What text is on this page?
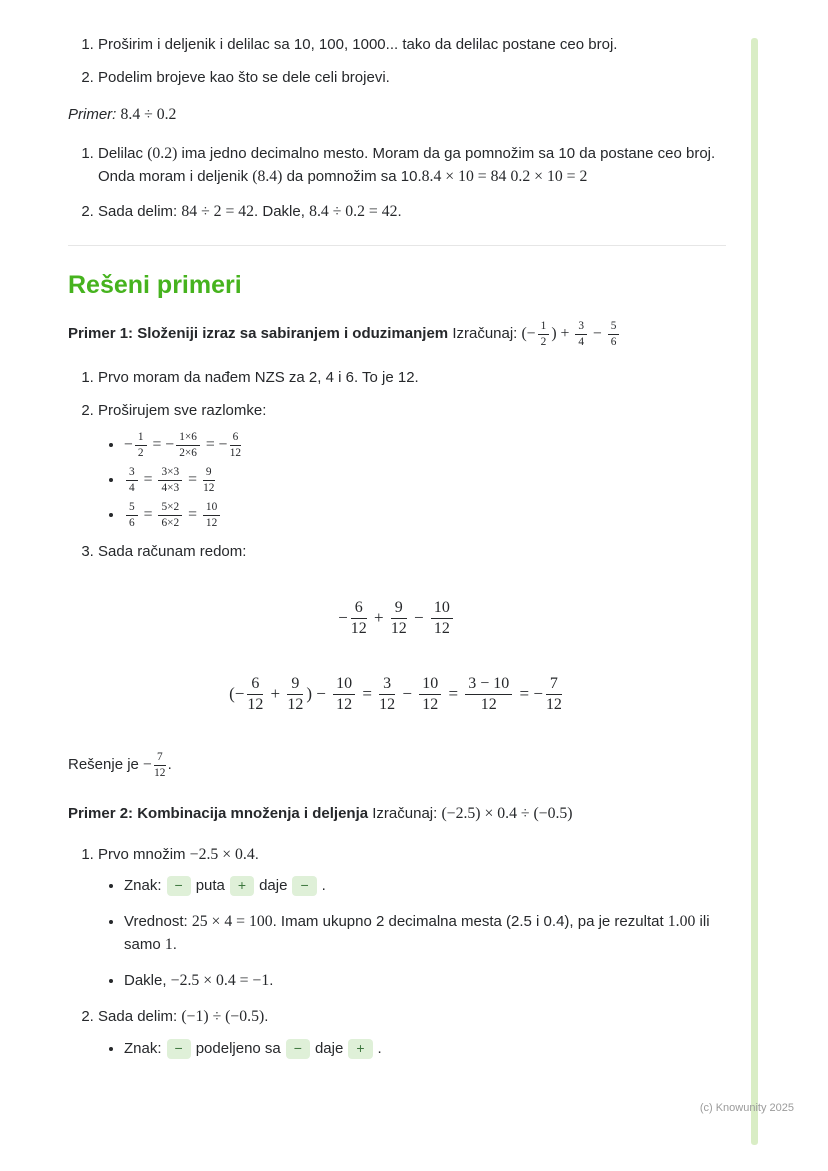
1. Proširim i deljenik i delilac sa 10, 100, 1000... tako da delilac postane ceo broj.
2. Podelim brojeve kao što se dele celi brojevi.

Primer: 8.4 ÷ 0.2

1. Delilac (0.2) ima jedno decimalno mesto. Moram da ga pomnožim sa 10 da postane ceo broj. Onda moram i deljenik (8.4) da pomnožim sa 10.8.4 × 10 = 84 0.2 × 10 = 2
2. Sada delim: 84 ÷ 2 = 42. Dakle, 8.4 ÷ 0.2 = 42.
Rešeni primeri

Primer 1: Složeniji izraz sa sabiranjem i oduzimanjem Izračunaj: (− $\frac{1}{2}$ ) + $\frac{3}{4} - \frac{5}{6}$

1. Prvo moram da nađem NZS za 2, 4 i 6. To je 12.
2. Proširujem sve razlomke:
• − $\frac{1}{2}$ = − $\frac{1\times 6}{2\times 6}$ = − $\frac{6}{12}$
• $\frac{3}{4} = \frac{3\times 3}{4\times 3} = \frac{9}{12}$
• $\frac{5}{6} = \frac{5\times 2}{6\times 2} = \frac{10}{12}$
3. Sada računam redom:
− $\frac{6}{12} + \frac{9}{12} - \frac{10}{12}$
(− $\frac{6}{12} + \frac{9}{12}$ ) − $\frac{10}{12} = \frac{3}{12} - \frac{10}{12} = \frac{3 - 10}{12}$ = − $\frac{7}{12}$

Rešenje je − $\frac{7}{12}$ .

Primer 2: Kombinacija množenja i deljenja Izračunaj: (−2.5) × 0.4 ÷ (−0.5)

1. Prvo množim −2.5 × 0.4.
• Znak: − puta + daje − .
• Vrednost: 25 × 4 = 100. Imam ukupno 2 decimalna mesta (2.5 i 0.4), pa je rezultat 1.00 ili samo 1.
• Dakle, −2.5 × 0.4 = −1.
2. Sada delim: (−1) ÷ (−0.5).
• Znak: − podeljeno sa − daje + .
(c) Knowunity 2025
